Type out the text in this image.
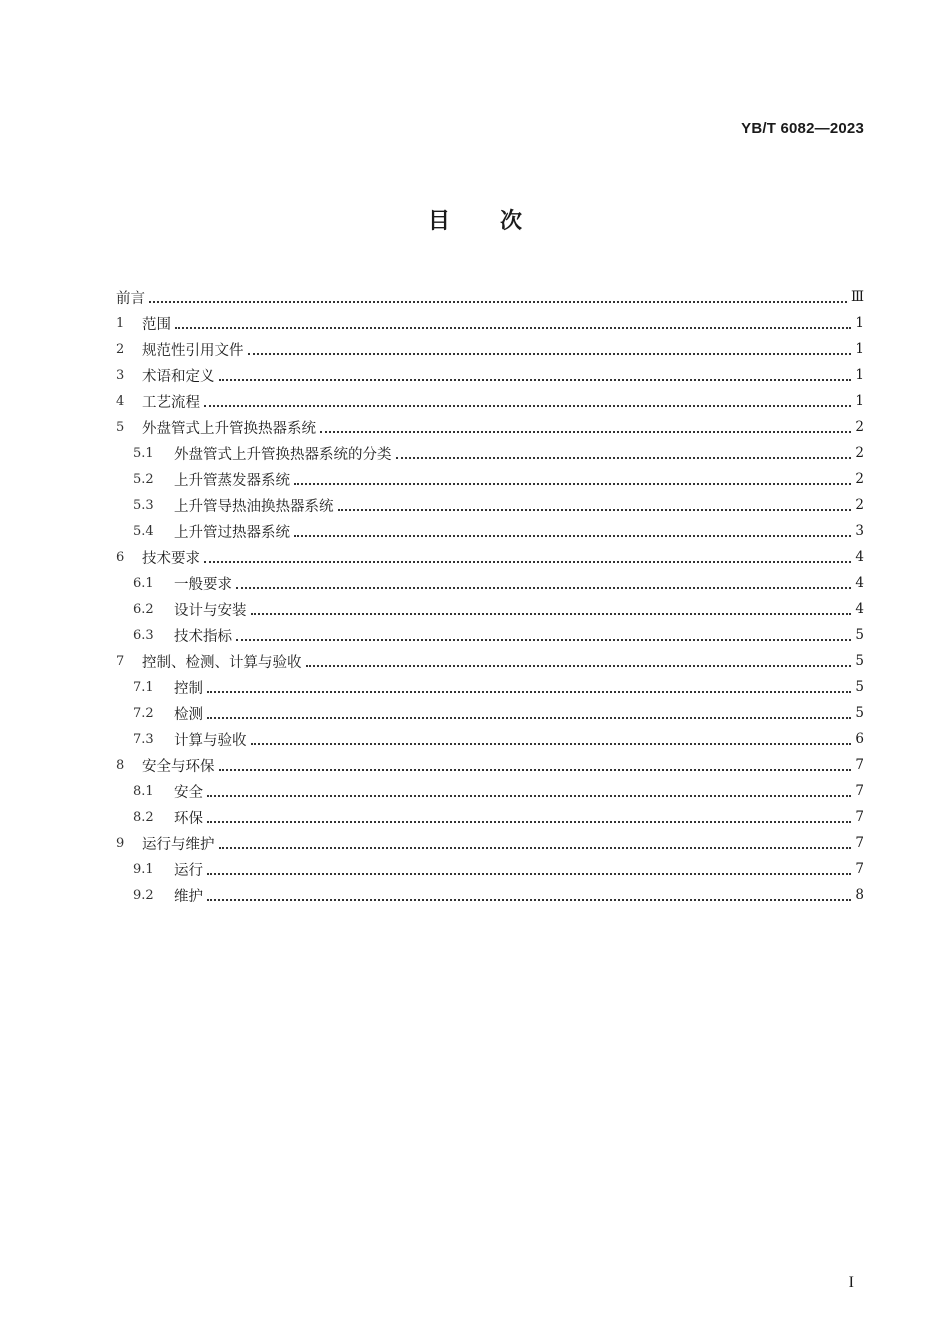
YB/T 6082—2023
目 次
前言	Ⅲ
1	范围	1
2	规范性引用文件	1
3	术语和定义	1
4	工艺流程	1
5	外盘管式上升管换热器系统	2
5.1	外盘管式上升管换热器系统的分类	2
5.2	上升管蒸发器系统	2
5.3	上升管导热油换热器系统	2
5.4	上升管过热器系统	3
6	技术要求	4
6.1	一般要求	4
6.2	设计与安装	4
6.3	技术指标	5
7	控制、检测、计算与验收	5
7.1	控制	5
7.2	检测	5
7.3	计算与验收	6
8	安全与环保	7
8.1	安全	7
8.2	环保	7
9	运行与维护	7
9.1	运行	7
9.2	维护	8
I
